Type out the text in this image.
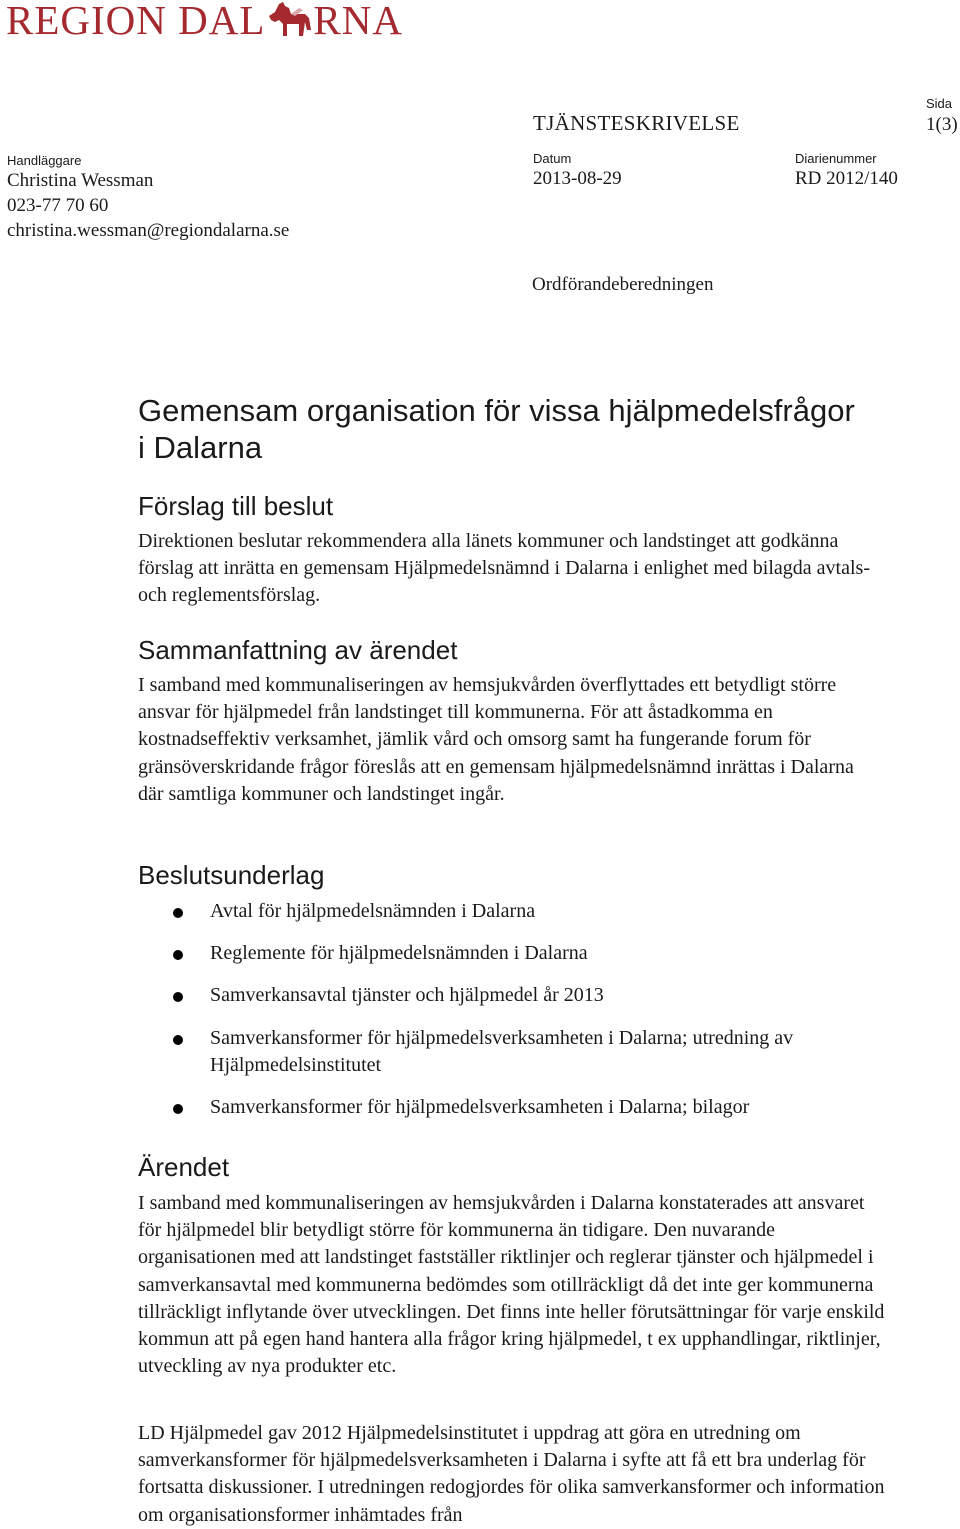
REGION DAL RNA
TJÄNSTESKRIVELSE
Sida
1(3)
Handläggare
Christina Wessman
023-77 70 60
christina.wessman@regiondalarna.se
Datum
2013-08-29
Diarienummer
RD 2012/140
Ordförandeberedningen
Gemensam organisation för vissa hjälpmedelsfrågor
i Dalarna
Förslag till beslut
Direktionen beslutar rekommendera alla länets kommuner och landstinget att godkänna förslag att inrätta en gemensam Hjälpmedelsnämnd i Dalarna i enlighet med bilagda avtals- och reglementsförslag.
Sammanfattning av ärendet
I samband med kommunaliseringen av hemsjukvården överflyttades ett betydligt större ansvar för hjälpmedel från landstinget till kommunerna. För att åstadkomma en kostnadseffektiv verksamhet, jämlik vård och omsorg samt ha fungerande forum för gränsöverskridande frågor föreslås att en gemensam hjälpmedelsnämnd inrättas i Dalarna där samtliga kommuner och landstinget ingår.
Beslutsunderlag
Avtal för hjälpmedelsnämnden i Dalarna
Reglemente för hjälpmedelsnämnden i Dalarna
Samverkansavtal tjänster och hjälpmedel år 2013
Samverkansformer för hjälpmedelsverksamheten i Dalarna; utredning av Hjälpmedelsinstitutet
Samverkansformer för hjälpmedelsverksamheten i Dalarna; bilagor
Ärendet
I samband med kommunaliseringen av hemsjukvården i Dalarna konstaterades att ansvaret för hjälpmedel blir betydligt större för kommunerna än tidigare. Den nuvarande organisationen med att landstinget fastställer riktlinjer och reglerar tjänster och hjälpmedel i samverkansavtal med kommunerna bedömdes som otillräckligt då det inte ger kommunerna tillräckligt inflytande över utvecklingen. Det finns inte heller förutsättningar för varje enskild kommun att på egen hand hantera alla frågor kring hjälpmedel, t ex upphandlingar, riktlinjer, utveckling av nya produkter etc.
LD Hjälpmedel gav 2012 Hjälpmedelsinstitutet i uppdrag att göra en utredning om samverkansformer för hjälpmedelsverksamheten i Dalarna i syfte att få ett bra underlag för fortsatta diskussioner. I utredningen redogjordes för olika samverkansformer och information om organisationsformer inhämtades från
